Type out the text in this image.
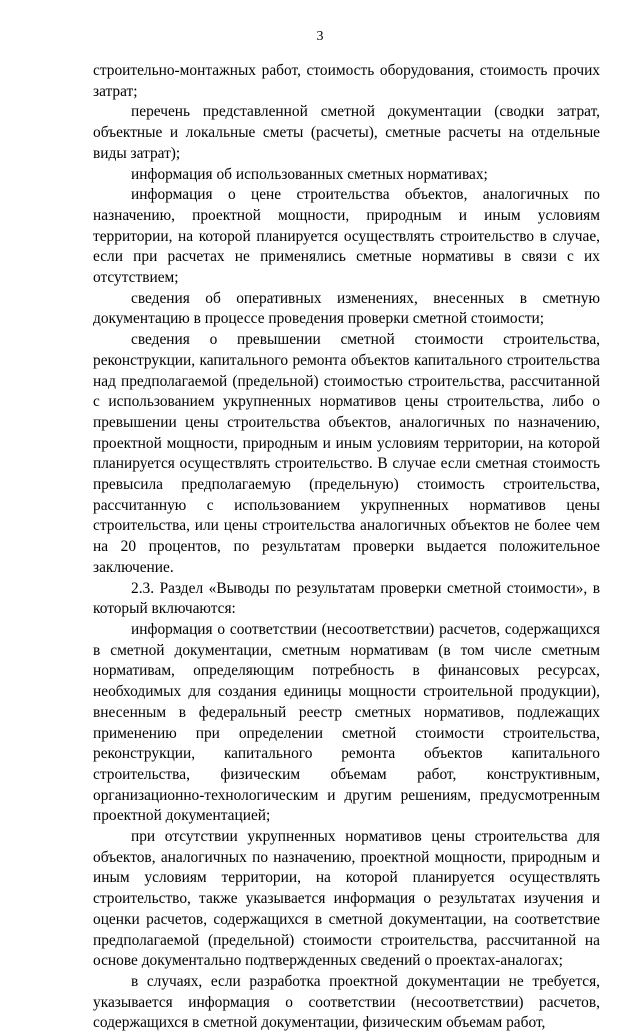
3

строительно-монтажных работ, стоимость оборудования, стоимость прочих затрат;

перечень представленной сметной документации (сводки затрат, объектные и локальные сметы (расчеты), сметные расчеты на отдельные виды затрат);

информация об использованных сметных нормативах;

информация о цене строительства объектов, аналогичных по назначению, проектной мощности, природным и иным условиям территории, на которой планируется осуществлять строительство в случае, если при расчетах не применялись сметные нормативы в связи с их отсутствием;

сведения об оперативных изменениях, внесенных в сметную документацию в процессе проведения проверки сметной стоимости;

сведения о превышении сметной стоимости строительства, реконструкции, капитального ремонта объектов капитального строительства над предполагаемой (предельной) стоимостью строительства, рассчитанной с использованием укрупненных нормативов цены строительства, либо о превышении цены строительства объектов, аналогичных по назначению, проектной мощности, природным и иным условиям территории, на которой планируется осуществлять строительство. В случае если сметная стоимость превысила предполагаемую (предельную) стоимость строительства, рассчитанную с использованием укрупненных нормативов цены строительства, или цены строительства аналогичных объектов не более чем на 20 процентов, по результатам проверки выдается положительное заключение.

2.3. Раздел «Выводы по результатам проверки сметной стоимости», в который включаются:

информация о соответствии (несоответствии) расчетов, содержащихся в сметной документации, сметным нормативам (в том числе сметным нормативам, определяющим потребность в финансовых ресурсах, необходимых для создания единицы мощности строительной продукции), внесенным в федеральный реестр сметных нормативов, подлежащих применению при определении сметной стоимости строительства, реконструкции, капитального ремонта объектов капитального строительства, физическим объемам работ, конструктивным, организационно-технологическим и другим решениям, предусмотренным проектной документацией;

при отсутствии укрупненных нормативов цены строительства для объектов, аналогичных по назначению, проектной мощности, природным и иным условиям территории, на которой планируется осуществлять строительство, также указывается информация о результатах изучения и оценки расчетов, содержащихся в сметной документации, на соответствие предполагаемой (предельной) стоимости строительства, рассчитанной на основе документально подтвержденных сведений о проектах-аналогах;

в случаях, если разработка проектной документации не требуется, указывается информация о соответствии (несоответствии) расчетов, содержащихся в сметной документации, физическим объемам работ,
